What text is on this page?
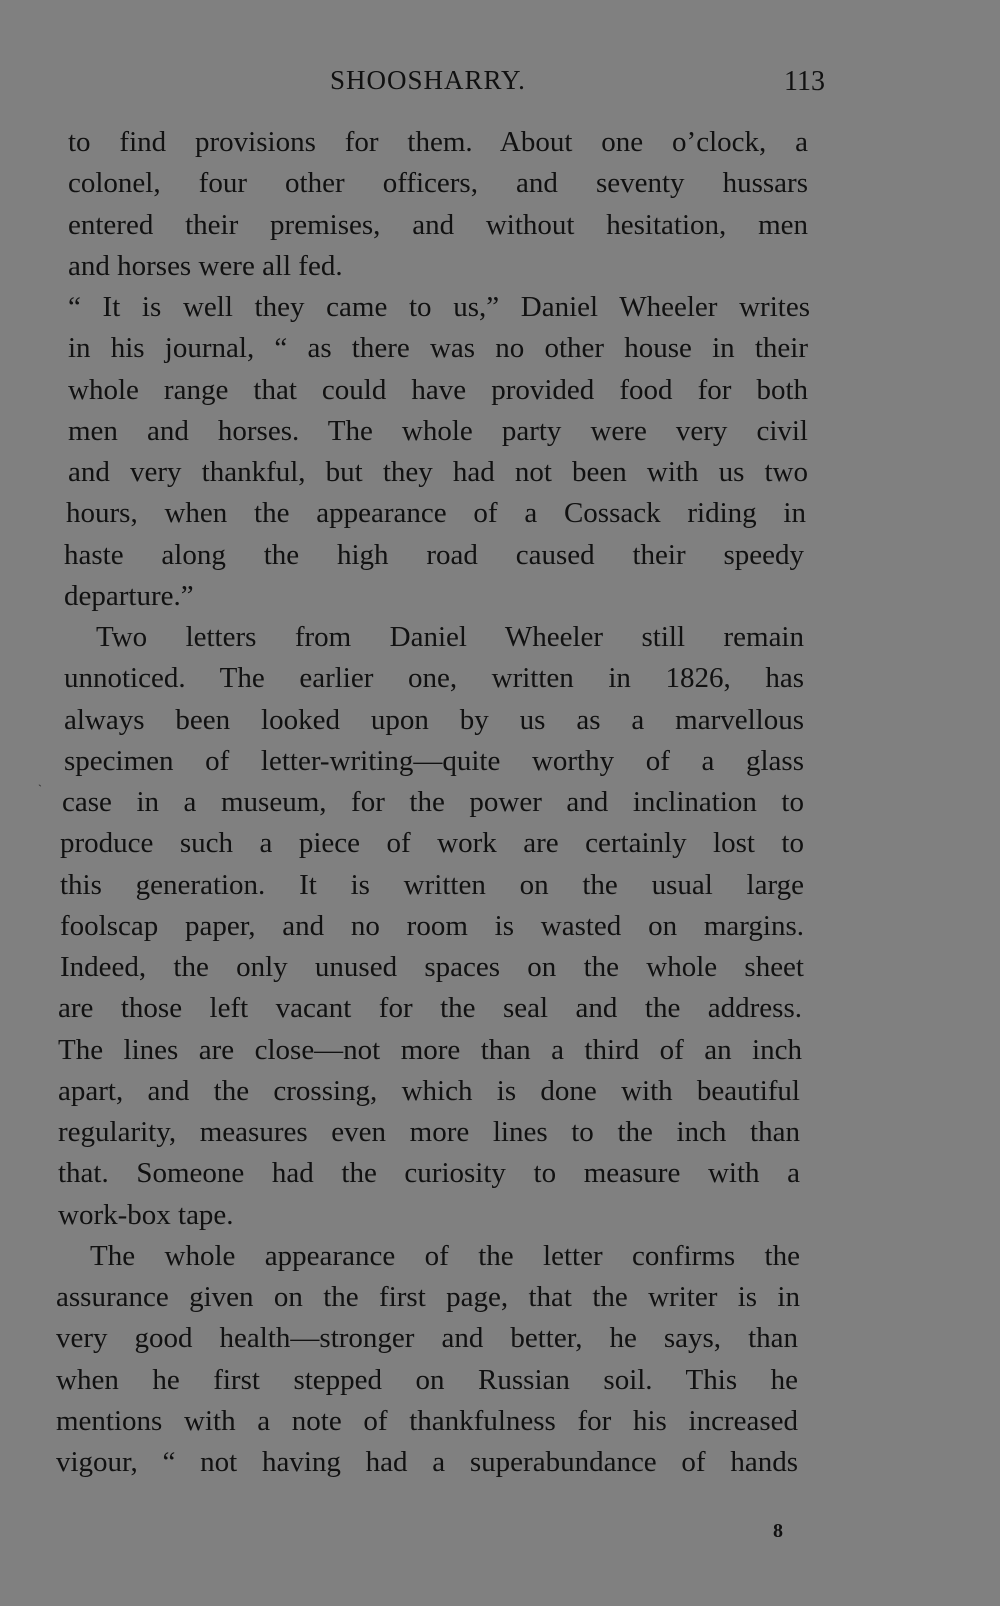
SHOOSHARRY.	113
ˎ
to find provisions for them. About one o’clock, a
colonel, four other officers, and seventy hussars
entered their premises, and without hesitation, men
and horses were all fed.
“ It is well they came to us,” Daniel Wheeler writes
in his journal, “ as there was no other house in their
whole range that could have provided food for both
men and horses. The whole party were very civil
and very thankful, but they had not been with us two
hours, when the appearance of a Cossack riding in
haste along the high road caused their speedy
departure.”
Two letters from Daniel Wheeler still remain
unnoticed. The earlier one, written in 1826, has
always been looked upon by us as a marvellous
specimen of letter-writing—quite worthy of a glass
case in a museum, for the power and inclination to
produce such a piece of work are certainly lost to
this generation. It is written on the usual large
foolscap paper, and no room is wasted on margins.
Indeed, the only unused spaces on the whole sheet
are those left vacant for the seal and the address.
The lines are close—not more than a third of an inch
apart, and the crossing, which is done with beautiful
regularity, measures even more lines to the inch than
that. Someone had the curiosity to measure with a
work-box tape.
The whole appearance of the letter confirms the
assurance given on the first page, that the writer is in
very good health—stronger and better, he says, than
when he first stepped on Russian soil. This he
mentions with a note of thankfulness for his increased
vigour, “ not having had a superabundance of hands
8
